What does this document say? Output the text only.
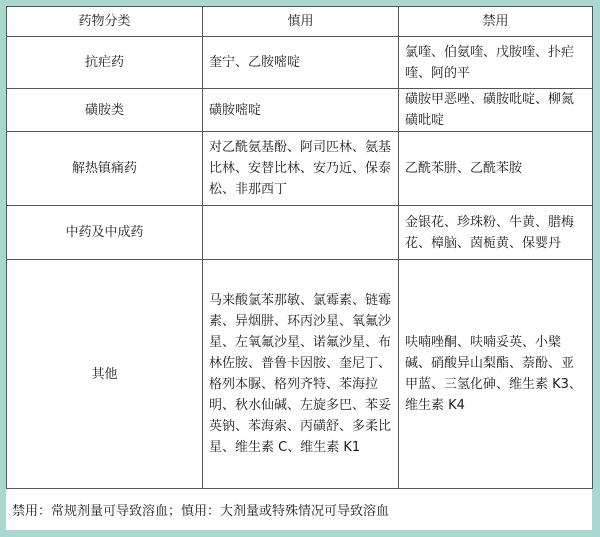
药物分类	慎用	禁用
抗疟药	奎宁、乙胺嘧啶	氯喹、伯氨喹、戊胺喹、扑疟喹、阿的平
磺胺类	磺胺嘧啶	磺胺甲恶唑、磺胺吡啶、柳氮磺吡啶
解热镇痛药	对乙酰氨基酚、阿司匹林、氨基比林、安替比林、安乃近、保泰松、非那西丁	乙酰苯肼、乙酰苯胺
中药及中成药		金银花、珍珠粉、牛黄、腊梅花、樟脑、茵栀黄、保婴丹
其他	马来酸氯苯那敏、氯霉素、链霉素、异烟肼、环丙沙星、氧氟沙星、左氧氟沙星、诺氟沙星、布林佐胺、普鲁卡因胺、奎尼丁、格列本脲、格列齐特、苯海拉明、秋水仙碱、左旋多巴、苯妥英钠、苯海索、丙磺舒、多柔比星、维生素 C、维生素 K1	呋喃唑酮、呋喃妥英、小檗碱、硝酸异山梨酯、萘酚、亚甲蓝、三氢化砷、维生素 K3、维生素 K4
禁用：常规剂量可导致溶血；慎用：大剂量或特殊情况可导致溶血
